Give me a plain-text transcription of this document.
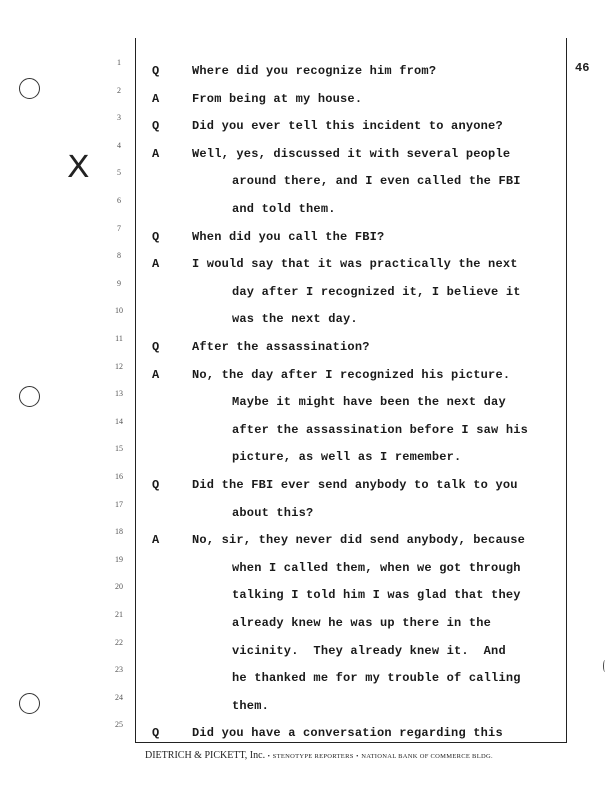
X
46
1
2
3
4
5
6
7
8
9
10
11
12
13
14
15
16
17
18
19
20
21
22
23
24
25
Q	Where did you recognize him from?
A	From being at my house.
Q	Did you ever tell this incident to anyone?
A	Well, yes, discussed it with several people
around there, and I even called the FBI
and told them.
Q	When did you call the FBI?
A	I would say that it was practically the next
day after I recognized it, I believe it
was the next day.
Q	After the assassination?
A	No, the day after I recognized his picture.
Maybe it might have been the next day
after the assassination before I saw his
picture, as well as I remember.
Q	Did the FBI ever send anybody to talk to you
about this?
A	No, sir, they never did send anybody, because
when I called them, when we got through
talking I told him I was glad that they
already knew he was up there in the
vicinity.  They already knew it.  And
he thanked me for my trouble of calling
them.
Q	Did you have a conversation regarding this
DIETRICH & PICKETT, Inc. • STENOTYPE REPORTERS • NATIONAL BANK OF COMMERCE BLDG.
